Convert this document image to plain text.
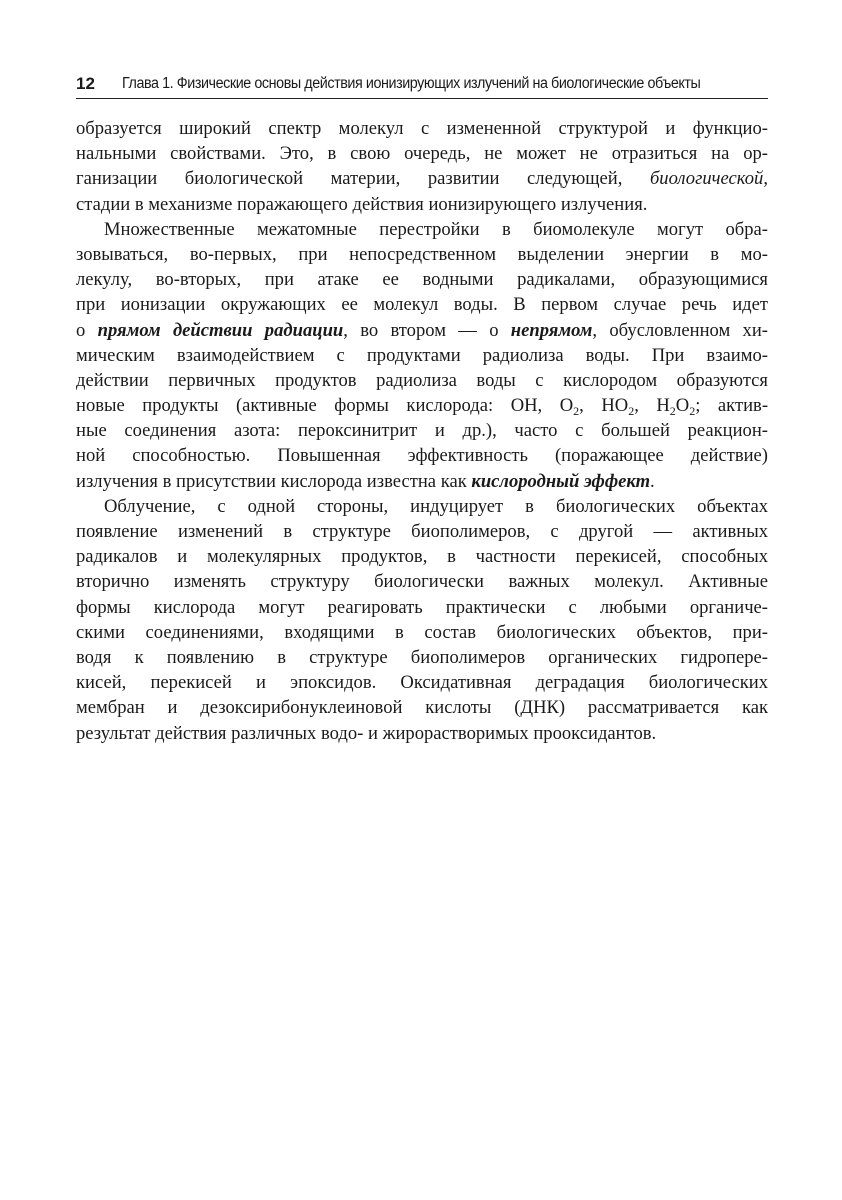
12 Глава 1. Физические основы действия ионизирующих излучений на биологические объекты
образуется широкий спектр молекул с измененной структурой и функцио-
нальными свойствами. Это, в свою очередь, не может не отразиться на ор-
ганизации биологической материи, развитии следующей, биологической,
стадии в механизме поражающего действия ионизирующего излучения.
Множественные межатомные перестройки в биомолекуле могут обра-
зовываться, во-первых, при непосредственном выделении энергии в мо-
лекулу, во-вторых, при атаке ее водными радикалами, образующимися
при ионизации окружающих ее молекул воды. В первом случае речь идет
о прямом действии радиации, во втором — о непрямом, обусловленном хи-
мическим взаимодействием с продуктами радиолиза воды. При взаимо-
действии первичных продуктов радиолиза воды с кислородом образуются
новые продукты (активные формы кислорода: OH, $O_2$, $HO_2$, $H_2O_2$; актив-
ные соединения азота: пероксинитрит и др.), часто с большей реакцион-
ной способностью. Повышенная эффективность (поражающее действие)
излучения в присутствии кислорода известна как кислородный эффект.
Облучение, с одной стороны, индуцирует в биологических объектах
появление изменений в структуре биополимеров, с другой — активных
радикалов и молекулярных продуктов, в частности перекисей, способных
вторично изменять структуру биологически важных молекул. Активные
формы кислорода могут реагировать практически с любыми органиче-
скими соединениями, входящими в состав биологических объектов, при-
водя к появлению в структуре биополимеров органических гидропере-
кисей, перекисей и эпоксидов. Оксидативная деградация биологических
мембран и дезоксирибонуклеиновой кислоты (ДНК) рассматривается как
результат действия различных водо- и жирорастворимых прооксидантов.
